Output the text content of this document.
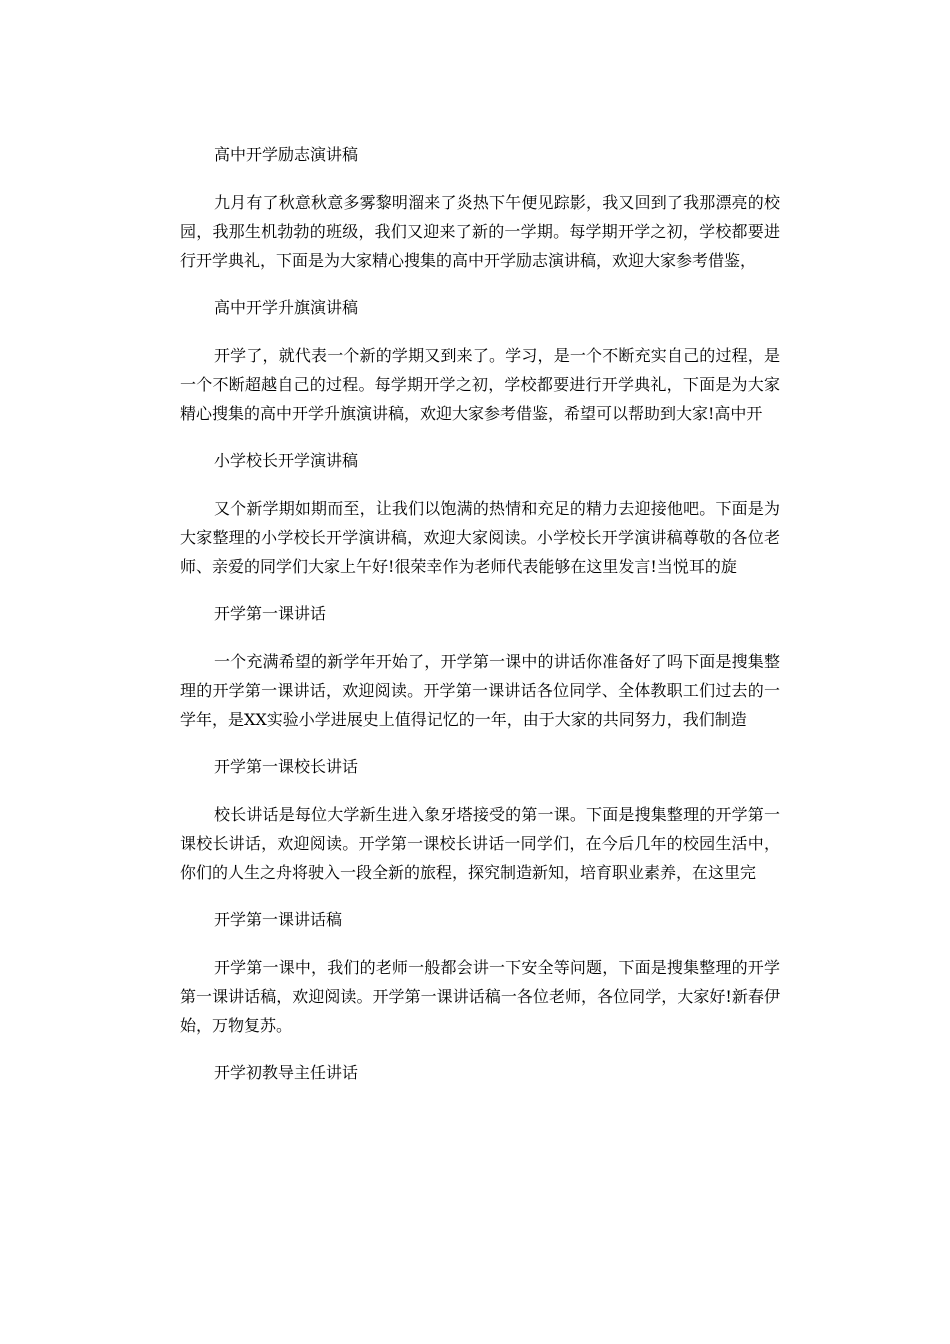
高中开学励志演讲稿

九月有了秋意秋意多雾黎明溜来了炎热下午便见踪影，我又回到了我那漂亮的校园，我那生机勃勃的班级，我们又迎来了新的一学期。每学期开学之初，学校都要进行开学典礼，下面是为大家精心搜集的高中开学励志演讲稿，欢迎大家参考借鉴，

高中开学升旗演讲稿

开学了，就代表一个新的学期又到来了。学习，是一个不断充实自己的过程，是一个不断超越自己的过程。每学期开学之初，学校都要进行开学典礼，下面是为大家精心搜集的高中开学升旗演讲稿，欢迎大家参考借鉴，希望可以帮助到大家!高中开

小学校长开学演讲稿

又个新学期如期而至，让我们以饱满的热情和充足的精力去迎接他吧。下面是为大家整理的小学校长开学演讲稿，欢迎大家阅读。小学校长开学演讲稿尊敬的各位老师、亲爱的同学们大家上午好!很荣幸作为老师代表能够在这里发言!当悦耳的旋

开学第一课讲话

一个充满希望的新学年开始了，开学第一课中的讲话你准备好了吗下面是搜集整理的开学第一课讲话，欢迎阅读。开学第一课讲话各位同学、全体教职工们过去的一学年，是XX实验小学进展史上值得记忆的一年，由于大家的共同努力，我们制造

开学第一课校长讲话

校长讲话是每位大学新生进入象牙塔接受的第一课。下面是搜集整理的开学第一课校长讲话，欢迎阅读。开学第一课校长讲话一同学们，在今后几年的校园生活中，你们的人生之舟将驶入一段全新的旅程，探究制造新知，培育职业素养，在这里完

开学第一课讲话稿

开学第一课中，我们的老师一般都会讲一下安全等问题，下面是搜集整理的开学第一课讲话稿，欢迎阅读。开学第一课讲话稿一各位老师，各位同学，大家好!新春伊始，万物复苏。

开学初教导主任讲话
